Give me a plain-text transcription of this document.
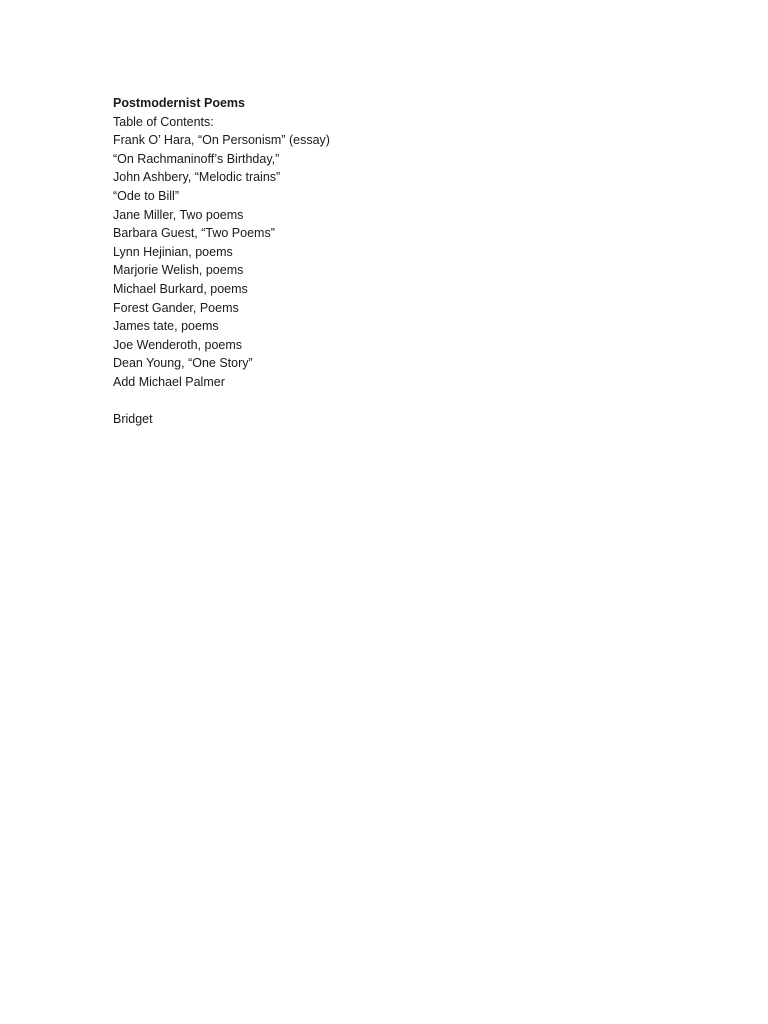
Postmodernist Poems

Table of Contents:

Frank O’ Hara, “On Personism” (essay)
“On Rachmaninoff’s Birthday,”
John Ashbery, “Melodic trains”
“Ode to Bill”
Jane Miller, Two poems
Barbara Guest, “Two Poems”
Lynn Hejinian, poems
Marjorie Welish, poems
Michael Burkard, poems
Forest Gander, Poems
James tate, poems
Joe Wenderoth, poems
Dean Young, “One Story”
Add Michael Palmer

Bridget
